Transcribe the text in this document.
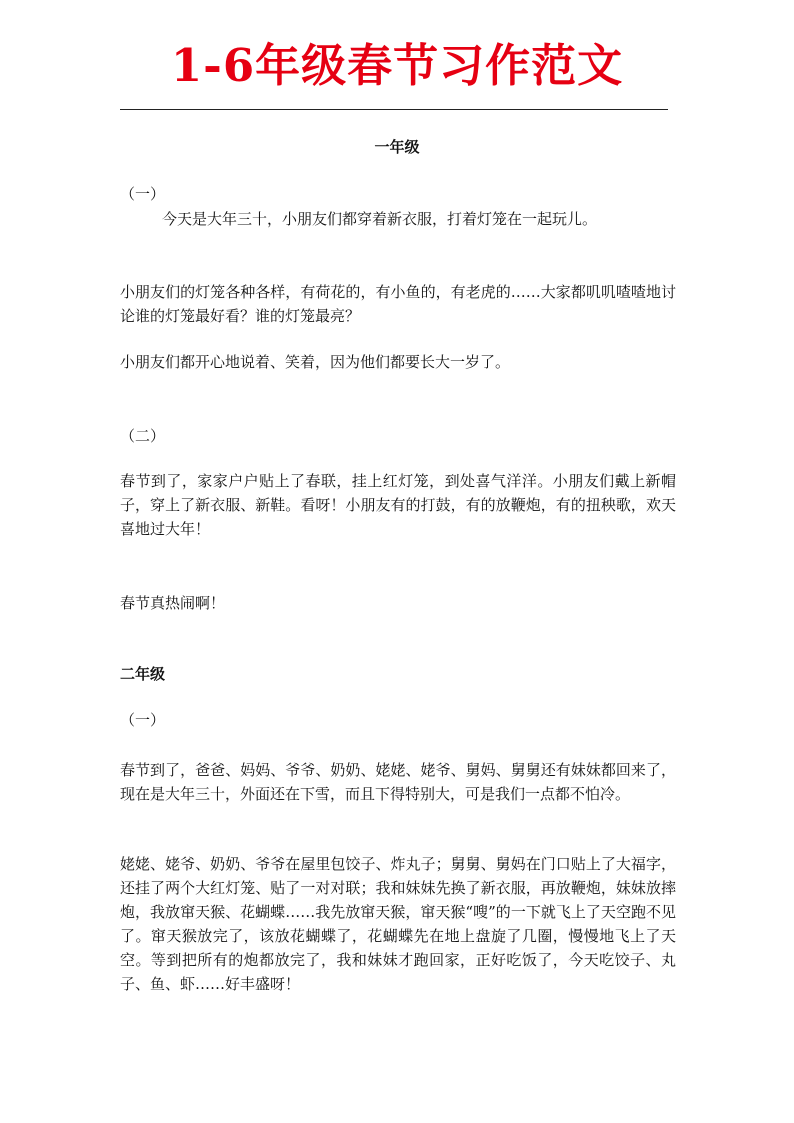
1-6年级春节习作范文
一年级
（一）
今天是大年三十，小朋友们都穿着新衣服，打着灯笼在一起玩儿。
小朋友们的灯笼各种各样，有荷花的，有小鱼的，有老虎的……大家都叽叽喳喳地讨论谁的灯笼最好看？谁的灯笼最亮？
小朋友们都开心地说着、笑着，因为他们都要长大一岁了。
（二）
春节到了，家家户户贴上了春联，挂上红灯笼，到处喜气洋洋。小朋友们戴上新帽子，穿上了新衣服、新鞋。看呀！小朋友有的打鼓，有的放鞭炮，有的扭秧歌，欢天喜地过大年！
春节真热闹啊！
二年级
（一）
春节到了，爸爸、妈妈、爷爷、奶奶、姥姥、姥爷、舅妈、舅舅还有妹妹都回来了，现在是大年三十，外面还在下雪，而且下得特别大，可是我们一点都不怕冷。
姥姥、姥爷、奶奶、爷爷在屋里包饺子、炸丸子；舅舅、舅妈在门口贴上了大福字，还挂了两个大红灯笼、贴了一对对联；我和妹妹先换了新衣服，再放鞭炮，妹妹放摔炮，我放窜天猴、花蝴蝶……我先放窜天猴，窜天猴“嗖”的一下就飞上了天空跑不见了。窜天猴放完了，该放花蝴蝶了，花蝴蝶先在地上盘旋了几圈，慢慢地飞上了天空。等到把所有的炮都放完了，我和妹妹才跑回家，正好吃饭了，今天吃饺子、丸子、鱼、虾……好丰盛呀！
